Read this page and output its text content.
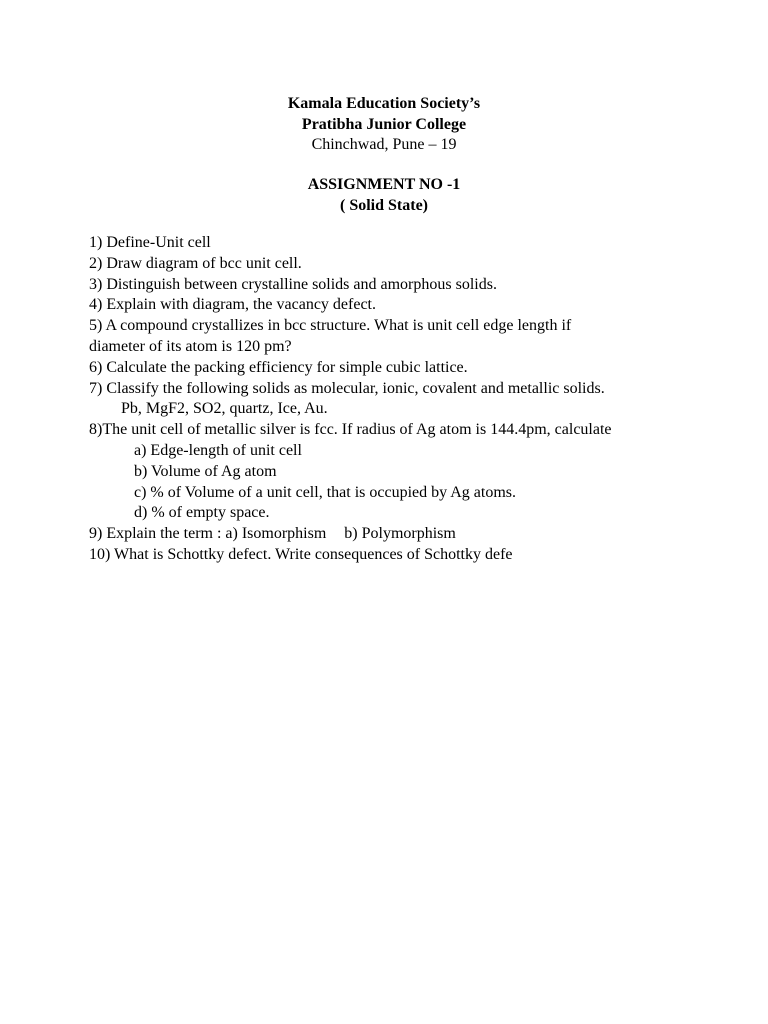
Kamala Education Society’s
Pratibha Junior College
Chinchwad, Pune – 19
ASSIGNMENT NO -1
( Solid State)
1) Define-Unit cell
2) Draw diagram of bcc unit cell.
3) Distinguish between crystalline solids and amorphous solids.
4) Explain with diagram, the vacancy defect.
5) A compound crystallizes in bcc structure. What is unit cell edge length if
diameter of its atom is 120 pm?
6) Calculate the packing efficiency for simple cubic lattice.
7) Classify the following solids as molecular, ionic, covalent and metallic solids.
Pb, MgF2, SO2, quartz, Ice, Au.
8)The unit cell of metallic silver is fcc. If radius of Ag atom is 144.4pm, calculate
a) Edge-length of unit cell
b) Volume of Ag atom
c) % of Volume of a unit cell, that is occupied by Ag atoms.
d) % of empty space.
9) Explain the term : a) Isomorphism b) Polymorphism
10) What is Schottky defect. Write consequences of Schottky defe
